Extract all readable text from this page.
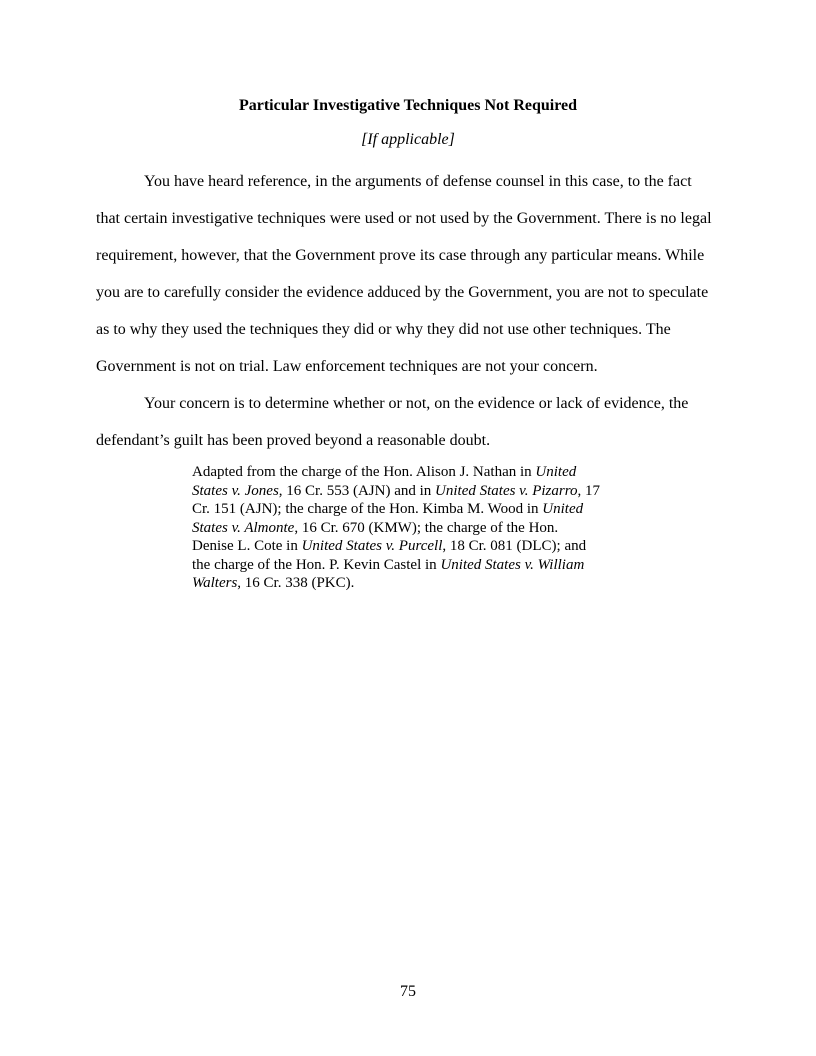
Particular Investigative Techniques Not Required
[If applicable]
You have heard reference, in the arguments of defense counsel in this case, to the fact
that certain investigative techniques were used or not used by the Government. There is no legal
requirement, however, that the Government prove its case through any particular means. While
you are to carefully consider the evidence adduced by the Government, you are not to speculate
as to why they used the techniques they did or why they did not use other techniques. The
Government is not on trial. Law enforcement techniques are not your concern.
Your concern is to determine whether or not, on the evidence or lack of evidence, the
defendant’s guilt has been proved beyond a reasonable doubt.
Adapted from the charge of the Hon. Alison J. Nathan in United
States v. Jones, 16 Cr. 553 (AJN) and in United States v. Pizarro, 17
Cr. 151 (AJN); the charge of the Hon. Kimba M. Wood in United
States v. Almonte, 16 Cr. 670 (KMW); the charge of the Hon.
Denise L. Cote in United States v. Purcell, 18 Cr. 081 (DLC); and
the charge of the Hon. P. Kevin Castel in United States v. William
Walters, 16 Cr. 338 (PKC).
75
